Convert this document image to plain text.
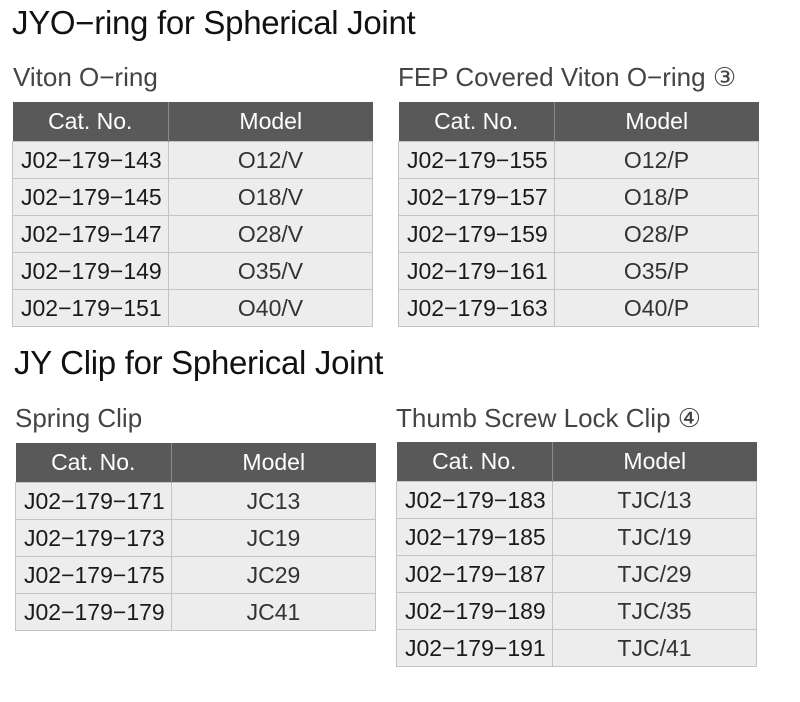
JYO−ring for Spherical Joint
Viton O−ring
Cat. No.	Model
J02−179−143	O12/V
J02−179−145	O18/V
J02−179−147	O28/V
J02−179−149	O35/V
J02−179−151	O40/V
FEP Covered Viton O−ring ③
Cat. No.	Model
J02−179−155	O12/P
J02−179−157	O18/P
J02−179−159	O28/P
J02−179−161	O35/P
J02−179−163	O40/P
JY Clip for Spherical Joint
Spring Clip
Cat. No.	Model
J02−179−171	JC13
J02−179−173	JC19
J02−179−175	JC29
J02−179−179	JC41
Thumb Screw Lock Clip ④
Cat. No.	Model
J02−179−183	TJC/13
J02−179−185	TJC/19
J02−179−187	TJC/29
J02−179−189	TJC/35
J02−179−191	TJC/41
